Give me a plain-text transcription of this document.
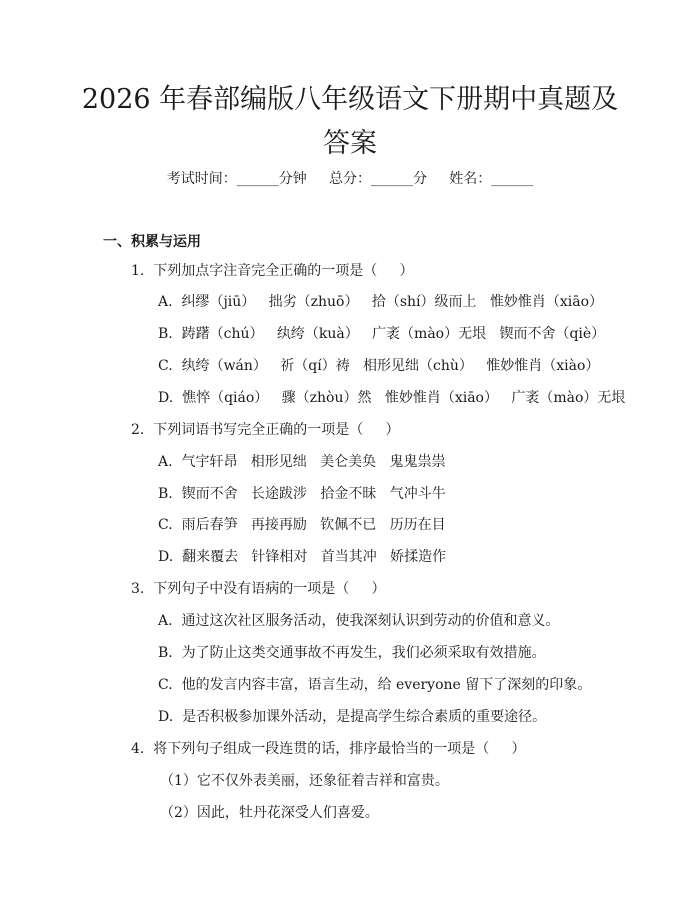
2026 年春部编版八年级语文下册期中真题及
答案
考试时间：______分钟     总分：______分     姓名：______
一、积累与运用
1.  下列加点字注音完全正确的一项是（     ）
A.  纠缪（jiū）   拙劣（zhuō）   拾（shí）级而上   惟妙惟肖（xiāo）
B.  踌躇（chú）   纨绔（kuà）   广袤（mào）无垠   锲而不舍（qiè）
C.  纨绔（wán）   祈（qí）祷   相形见绌（chù）   惟妙惟肖（xiào）
D.  憔悴（qiáo）   骤（zhòu）然   惟妙惟肖（xiāo）   广袤（mào）无垠
2.  下列词语书写完全正确的一项是（     ）
A.  气宇轩昂   相形见绌   美仑美奂   鬼鬼祟祟
B.  锲而不舍   长途跋涉   拾金不昧   气冲斗牛
C.  雨后春笋   再接再励   钦佩不已   历历在目
D.  翻来覆去   针锋相对   首当其冲   娇揉造作
3.  下列句子中没有语病的一项是（     ）
A.  通过这次社区服务活动，使我深刻认识到劳动的价值和意义。
B.  为了防止这类交通事故不再发生，我们必须采取有效措施。
C.  他的发言内容丰富，语言生动，给 everyone 留下了深刻的印象。
D.  是否积极参加课外活动，是提高学生综合素质的重要途径。
4.  将下列句子组成一段连贯的话，排序最恰当的一项是（     ）
（1）它不仅外表美丽，还象征着吉祥和富贵。
（2）因此，牡丹花深受人们喜爱。
